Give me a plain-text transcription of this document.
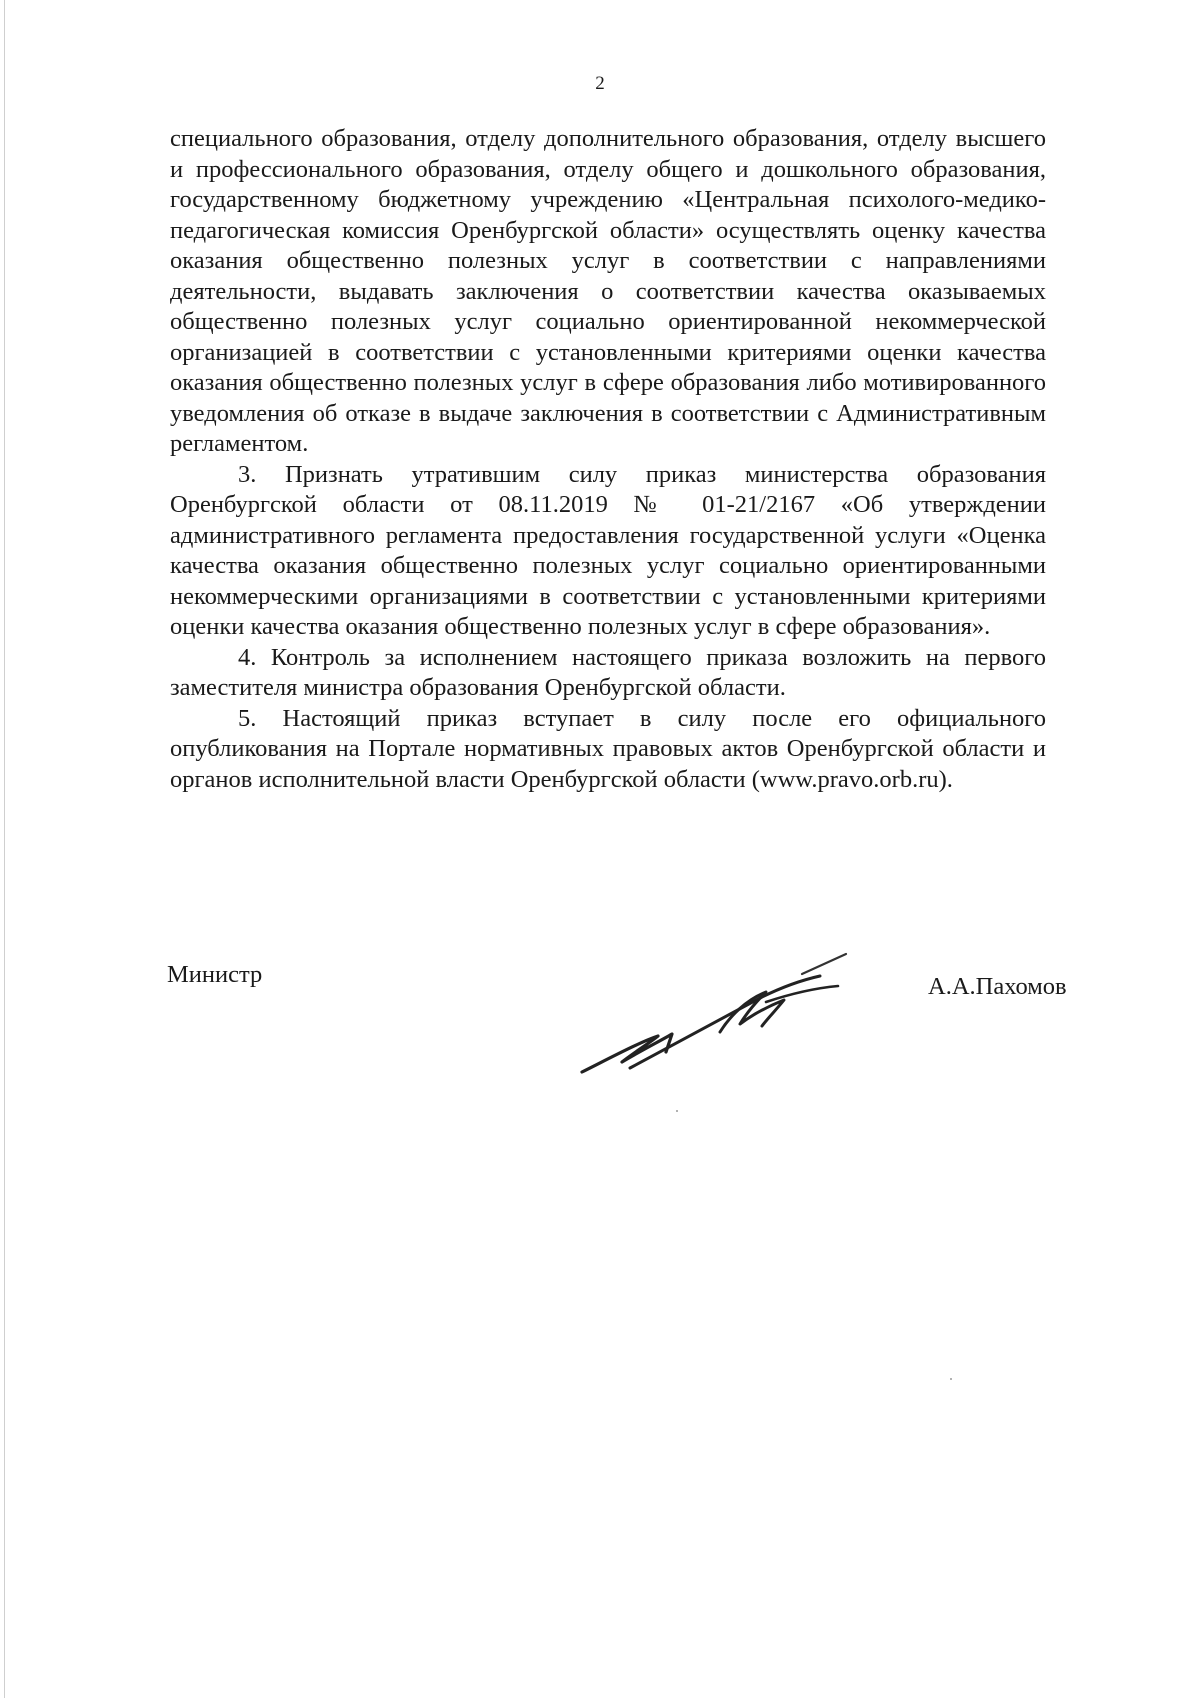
2

специального образования, отделу дополнительного образования, отделу высшего и профессионального образования, отделу общего и дошкольного образования, государственному бюджетному учреждению «Центральная психолого-медико-педагогическая комиссия Оренбургской области» осуществлять оценку качества оказания общественно полезных услуг в соответствии с направлениями деятельности, выдавать заключения о соответствии качества оказываемых общественно полезных услуг социально ориентированной некоммерческой организацией в соответствии с установленными критериями оценки качества оказания общественно полезных услуг в сфере образования либо мотивированного уведомления об отказе в выдаче заключения в соответствии с Административным регламентом.

3. Признать утратившим силу приказ министерства образования Оренбургской области от 08.11.2019 № 01-21/2167 «Об утверждении административного регламента предоставления государственной услуги «Оценка качества оказания общественно полезных услуг социально ориентированными некоммерческими организациями в соответствии с установленными критериями оценки качества оказания общественно полезных услуг в сфере образования».

4. Контроль за исполнением настоящего приказа возложить на первого заместителя министра образования Оренбургской области.

5. Настоящий приказ вступает в силу после его официального опубликования на Портале нормативных правовых актов Оренбургской области и органов исполнительной власти Оренбургской области (www.pravo.orb.ru).

Министр	А.А.Пахомов
